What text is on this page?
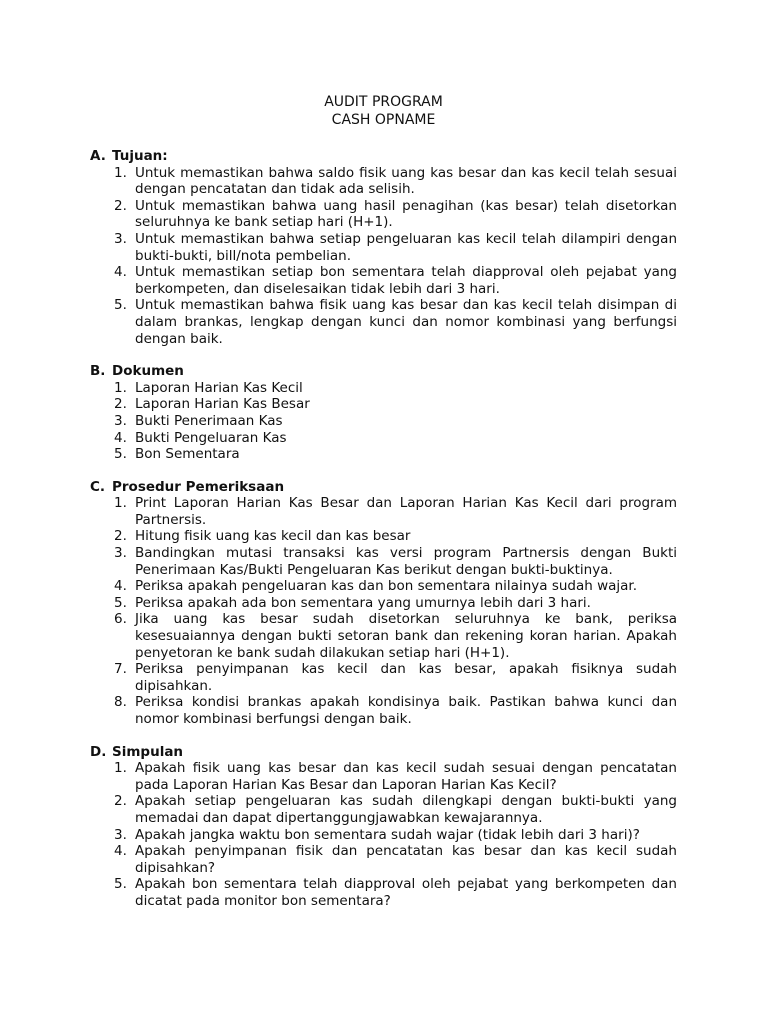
AUDIT PROGRAM

CASH OPNAME

A. Tujuan:

1. Untuk memastikan bahwa saldo fisik uang kas besar dan kas kecil telah sesuai dengan pencatatan dan tidak ada selisih.
2. Untuk memastikan bahwa uang hasil penagihan (kas besar) telah disetorkan seluruhnya ke bank setiap hari (H+1).
3. Untuk memastikan bahwa setiap pengeluaran kas kecil telah dilampiri dengan bukti-bukti, bill/nota pembelian.
4. Untuk memastikan setiap bon sementara telah diapproval oleh pejabat yang berkompeten, dan diselesaikan tidak lebih dari 3 hari.
5. Untuk memastikan bahwa fisik uang kas besar dan kas kecil telah disimpan di dalam brankas, lengkap dengan kunci dan nomor kombinasi yang berfungsi dengan baik.

B. Dokumen

1. Laporan Harian Kas Kecil
2. Laporan Harian Kas Besar
3. Bukti Penerimaan Kas
4. Bukti Pengeluaran Kas
5. Bon Sementara

C. Prosedur Pemeriksaan

1. Print Laporan Harian Kas Besar dan Laporan Harian Kas Kecil dari program Partnersis.
2. Hitung fisik uang kas kecil dan kas besar
3. Bandingkan mutasi transaksi kas versi program Partnersis dengan Bukti Penerimaan Kas/Bukti Pengeluaran Kas berikut dengan bukti-buktinya.
4. Periksa apakah pengeluaran kas dan bon sementara nilainya sudah wajar.
5. Periksa apakah ada bon sementara yang umurnya lebih dari 3 hari.
6. Jika uang kas besar sudah disetorkan seluruhnya ke bank, periksa kesesuaiannya dengan bukti setoran bank dan rekening koran harian. Apakah penyetoran ke bank sudah dilakukan setiap hari (H+1).
7. Periksa penyimpanan kas kecil dan kas besar, apakah fisiknya sudah dipisahkan.
8. Periksa kondisi brankas apakah kondisinya baik. Pastikan bahwa kunci dan nomor kombinasi berfungsi dengan baik.

D. Simpulan

1. Apakah fisik uang kas besar dan kas kecil sudah sesuai dengan pencatatan pada Laporan Harian Kas Besar dan Laporan Harian Kas Kecil?
2. Apakah setiap pengeluaran kas sudah dilengkapi dengan bukti-bukti yang memadai dan dapat dipertanggungjawabkan kewajarannya.
3. Apakah jangka waktu bon sementara sudah wajar (tidak lebih dari 3 hari)?
4. Apakah penyimpanan fisik dan pencatatan kas besar dan kas kecil sudah dipisahkan?
5. Apakah bon sementara telah diapproval oleh pejabat yang berkompeten dan dicatat pada monitor bon sementara?
